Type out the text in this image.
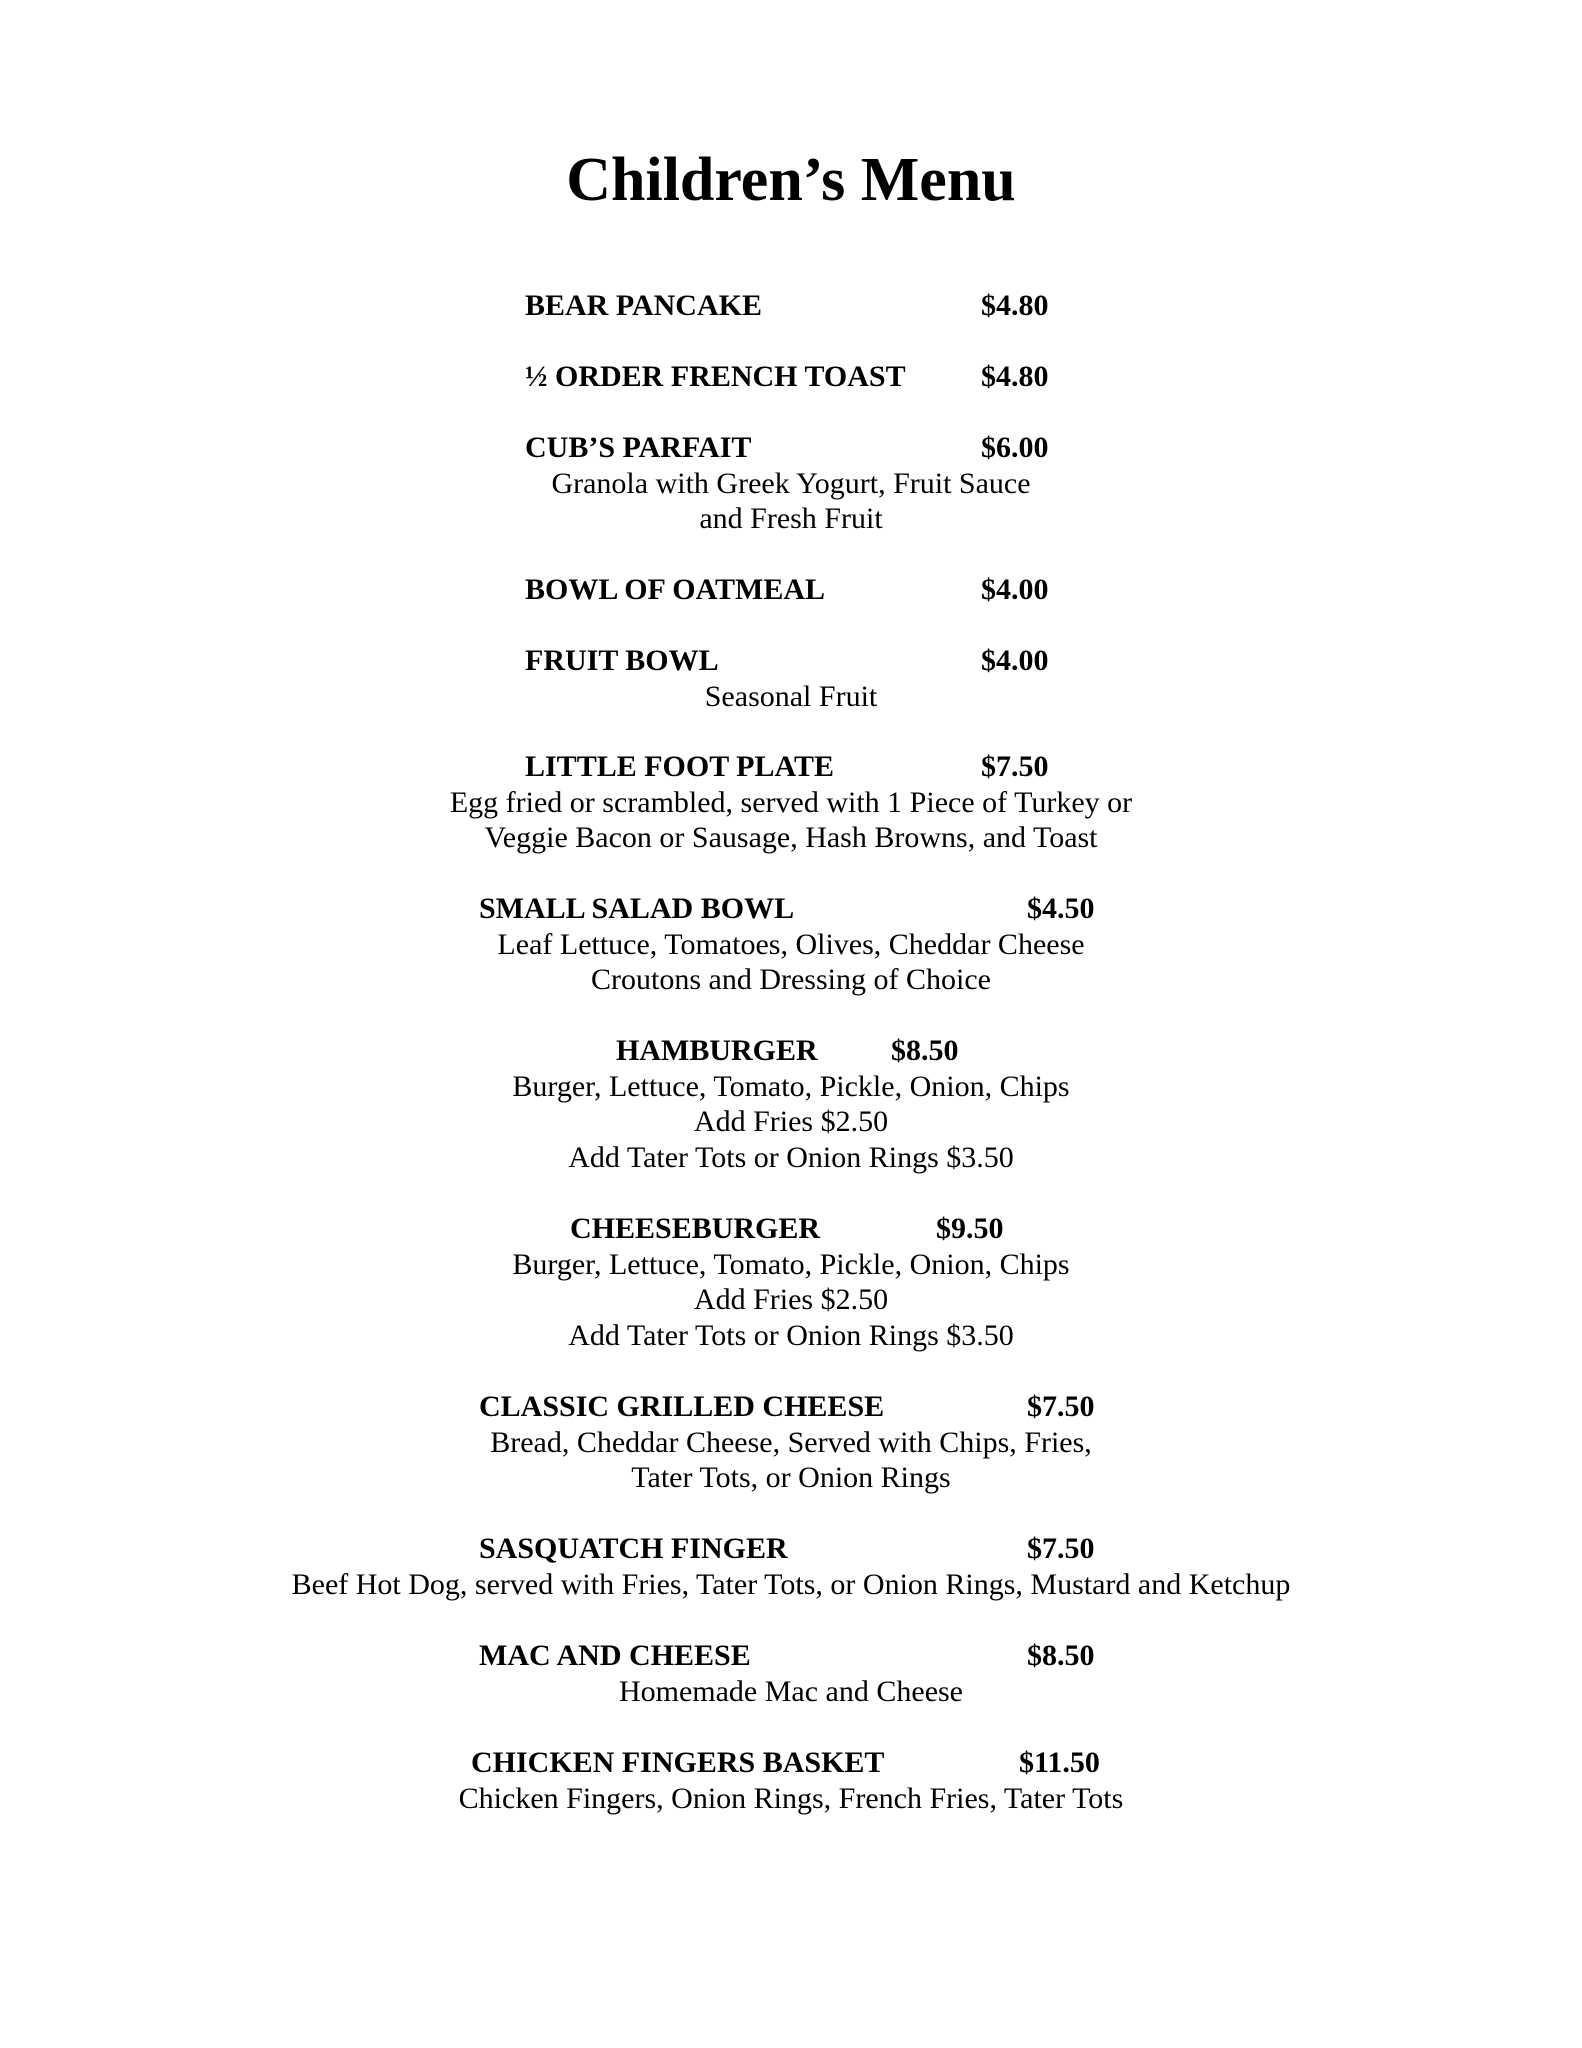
Children’s Menu
BEAR PANCAKE	$4.80
½ ORDER FRENCH TOAST	$4.80
CUB’S PARFAIT	$6.00
Granola with Greek Yogurt, Fruit Sauce
and Fresh Fruit
BOWL OF OATMEAL	$4.00
FRUIT BOWL	$4.00
Seasonal Fruit
LITTLE FOOT PLATE	$7.50
Egg fried or scrambled, served with 1 Piece of Turkey or
Veggie Bacon or Sausage, Hash Browns, and Toast
SMALL SALAD BOWL	$4.50
Leaf Lettuce, Tomatoes, Olives, Cheddar Cheese
Croutons and Dressing of Choice
HAMBURGER $8.50
Burger, Lettuce, Tomato, Pickle, Onion, Chips
Add Fries $2.50
Add Tater Tots or Onion Rings $3.50
CHEESEBURGER	$9.50
Burger, Lettuce, Tomato, Pickle, Onion, Chips
Add Fries $2.50
Add Tater Tots or Onion Rings $3.50
CLASSIC GRILLED CHEESE	$7.50
Bread, Cheddar Cheese, Served with Chips, Fries,
Tater Tots, or Onion Rings
SASQUATCH FINGER	$7.50
Beef Hot Dog, served with Fries, Tater Tots, or Onion Rings, Mustard and Ketchup
MAC AND CHEESE	$8.50
Homemade Mac and Cheese
CHICKEN FINGERS BASKET	$11.50
Chicken Fingers, Onion Rings, French Fries, Tater Tots
